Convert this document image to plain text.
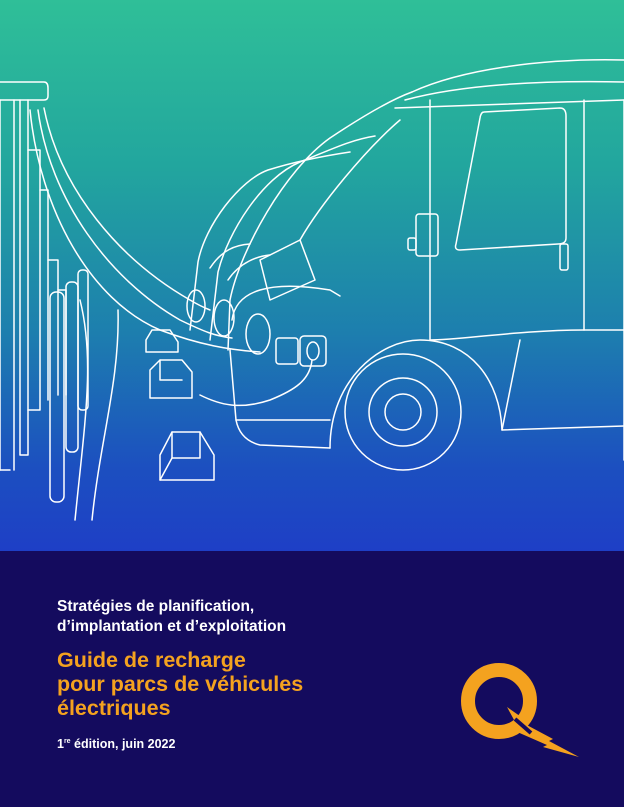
Stratégies de planification,
d’implantation et d’exploitation

Guide de recharge
pour parcs de véhicules
électriques

1re édition, juin 2022
